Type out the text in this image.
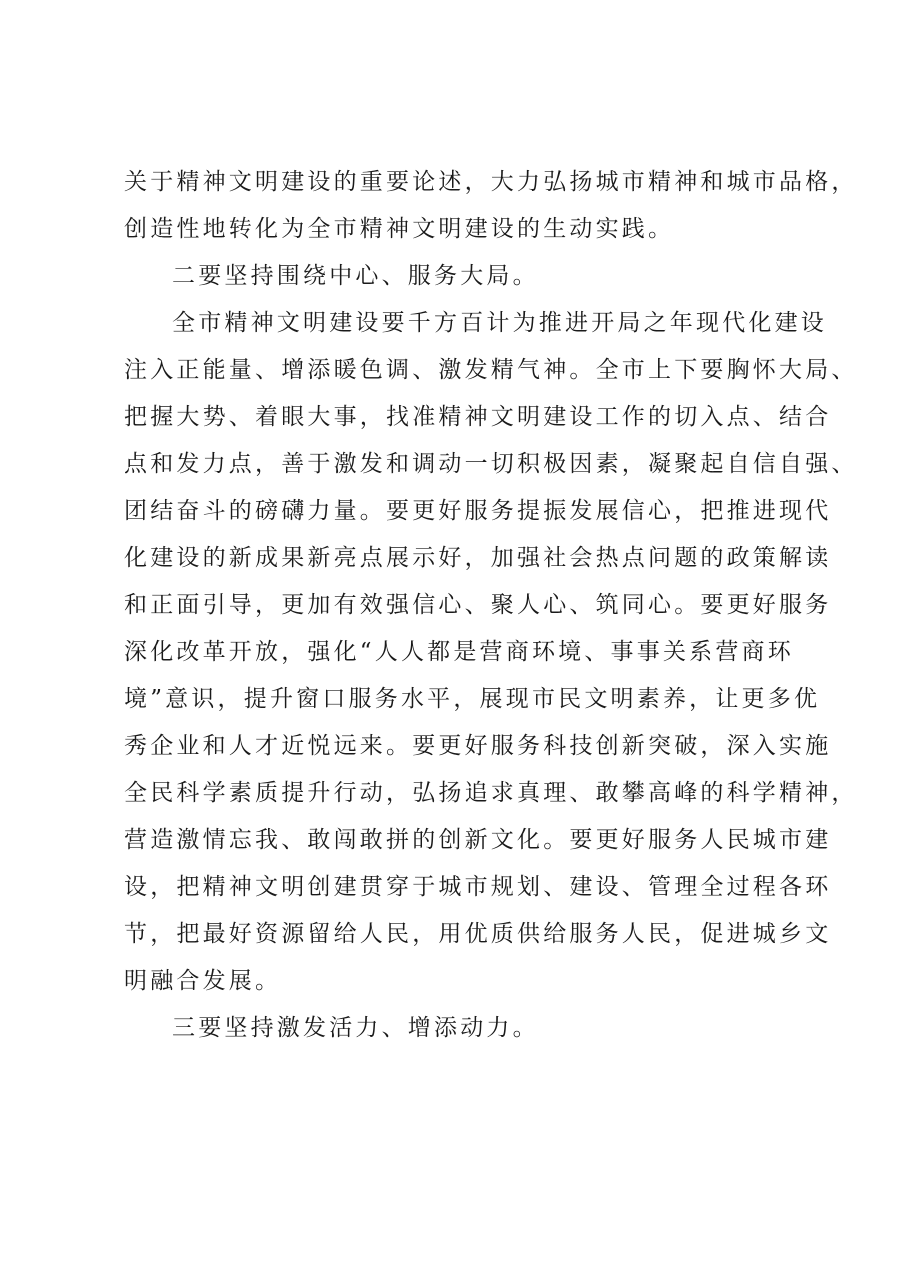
关于精神文明建设的重要论述，大力弘扬城市精神和城市品格，
创造性地转化为全市精神文明建设的生动实践。
二要坚持围绕中心、服务大局。
全市精神文明建设要千方百计为推进开局之年现代化建设
注入正能量、增添暖色调、激发精气神。全市上下要胸怀大局、
把握大势、着眼大事，找准精神文明建设工作的切入点、结合
点和发力点，善于激发和调动一切积极因素，凝聚起自信自强、
团结奋斗的磅礴力量。要更好服务提振发展信心，把推进现代
化建设的新成果新亮点展示好，加强社会热点问题的政策解读
和正面引导，更加有效强信心、聚人心、筑同心。要更好服务
深化改革开放，强化“人人都是营商环境、事事关系营商环
境”意识，提升窗口服务水平，展现市民文明素养，让更多优
秀企业和人才近悦远来。要更好服务科技创新突破，深入实施
全民科学素质提升行动，弘扬追求真理、敢攀高峰的科学精神，
营造激情忘我、敢闯敢拼的创新文化。要更好服务人民城市建
设，把精神文明创建贯穿于城市规划、建设、管理全过程各环
节，把最好资源留给人民，用优质供给服务人民，促进城乡文
明融合发展。
三要坚持激发活力、增添动力。
